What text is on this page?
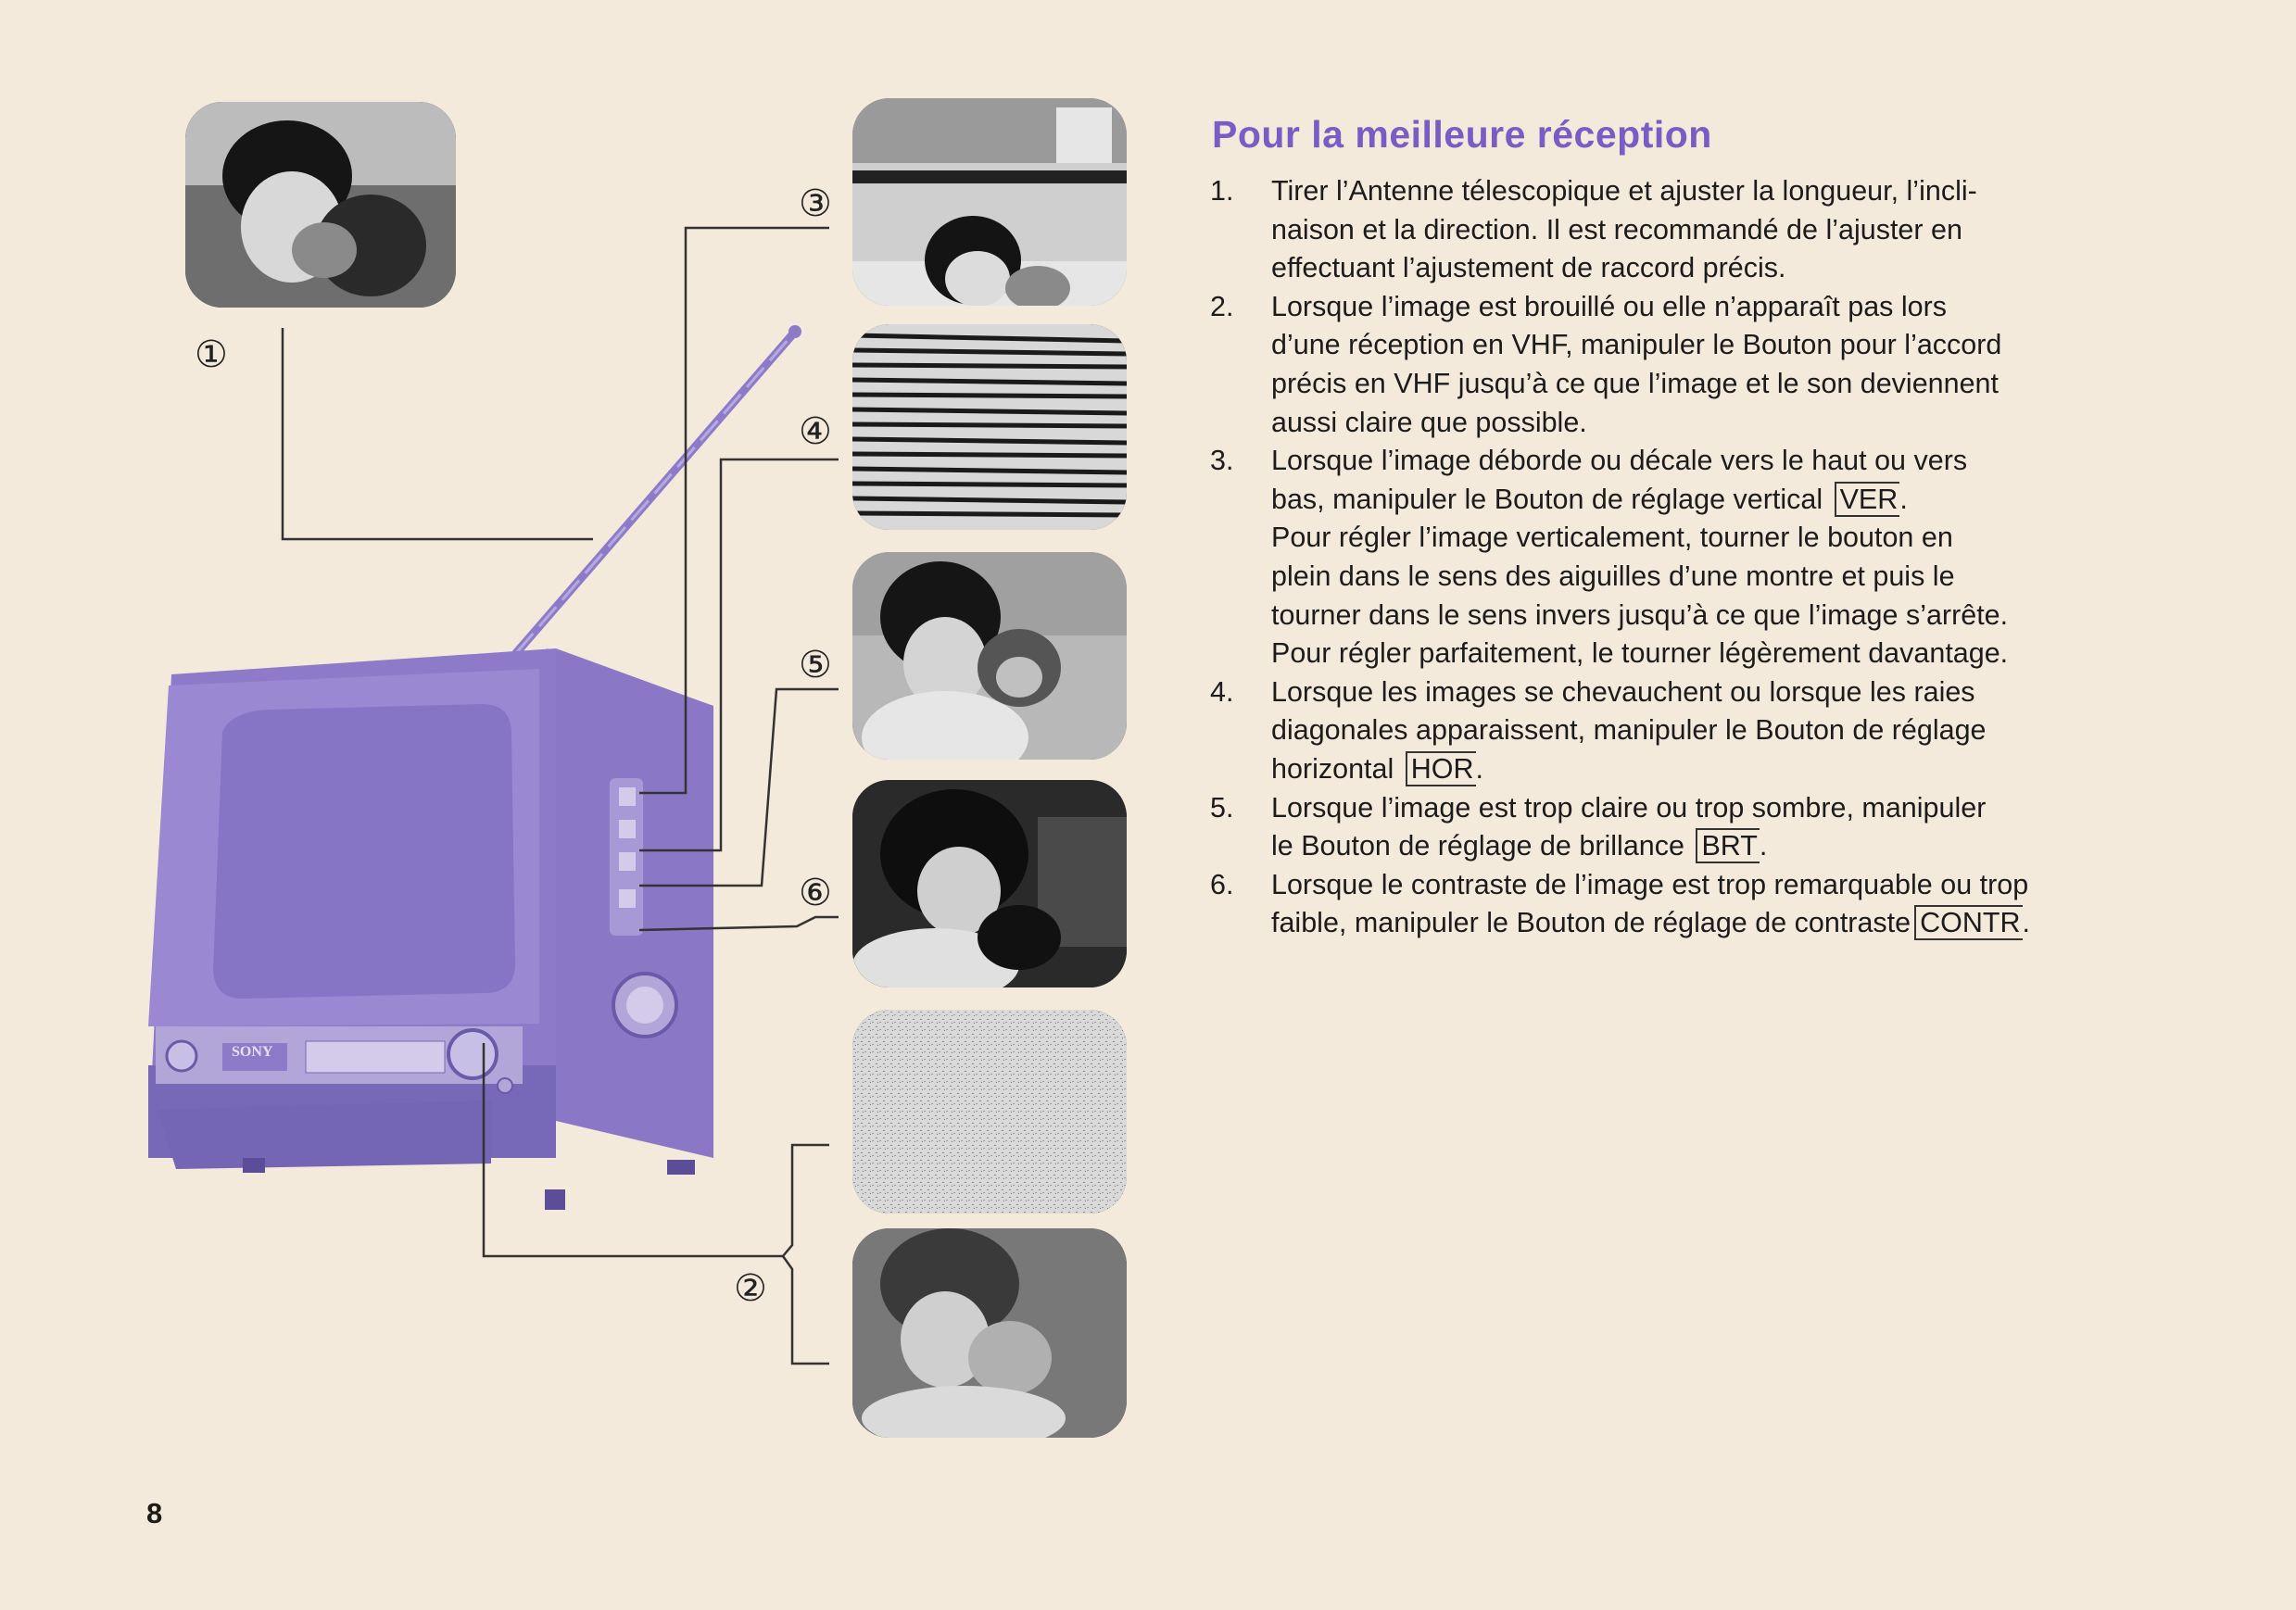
SONY
①
②
③
④
⑤
⑥
Pour la meilleure réception
1. Tirer l’Antenne télescopique et ajuster la longueur, l’incli-
naison et la direction. Il est recommandé de l’ajuster en
effectuant l’ajustement de raccord précis.
2. Lorsque l’image est brouillé ou elle n’apparaît pas lors
d’une réception en VHF, manipuler le Bouton pour l’accord
précis en VHF jusqu’à ce que l’image et le son deviennent
aussi claire que possible.
3. Lorsque l’image déborde ou décale vers le haut ou vers
bas, manipuler le Bouton de réglage vertical VER.
Pour régler l’image verticalement, tourner le bouton en
plein dans le sens des aiguilles d’une montre et puis le
tourner dans le sens invers jusqu’à ce que l’image s’arrête.
Pour régler parfaitement, le tourner légèrement davantage.
4. Lorsque les images se chevauchent ou lorsque les raies
diagonales apparaissent, manipuler le Bouton de réglage
horizontal HOR.
5. Lorsque l’image est trop claire ou trop sombre, manipuler
le Bouton de réglage de brillance BRT.
6. Lorsque le contraste de l’image est trop remarquable ou trop
faible, manipuler le Bouton de réglage de contraste CONTR.
8
